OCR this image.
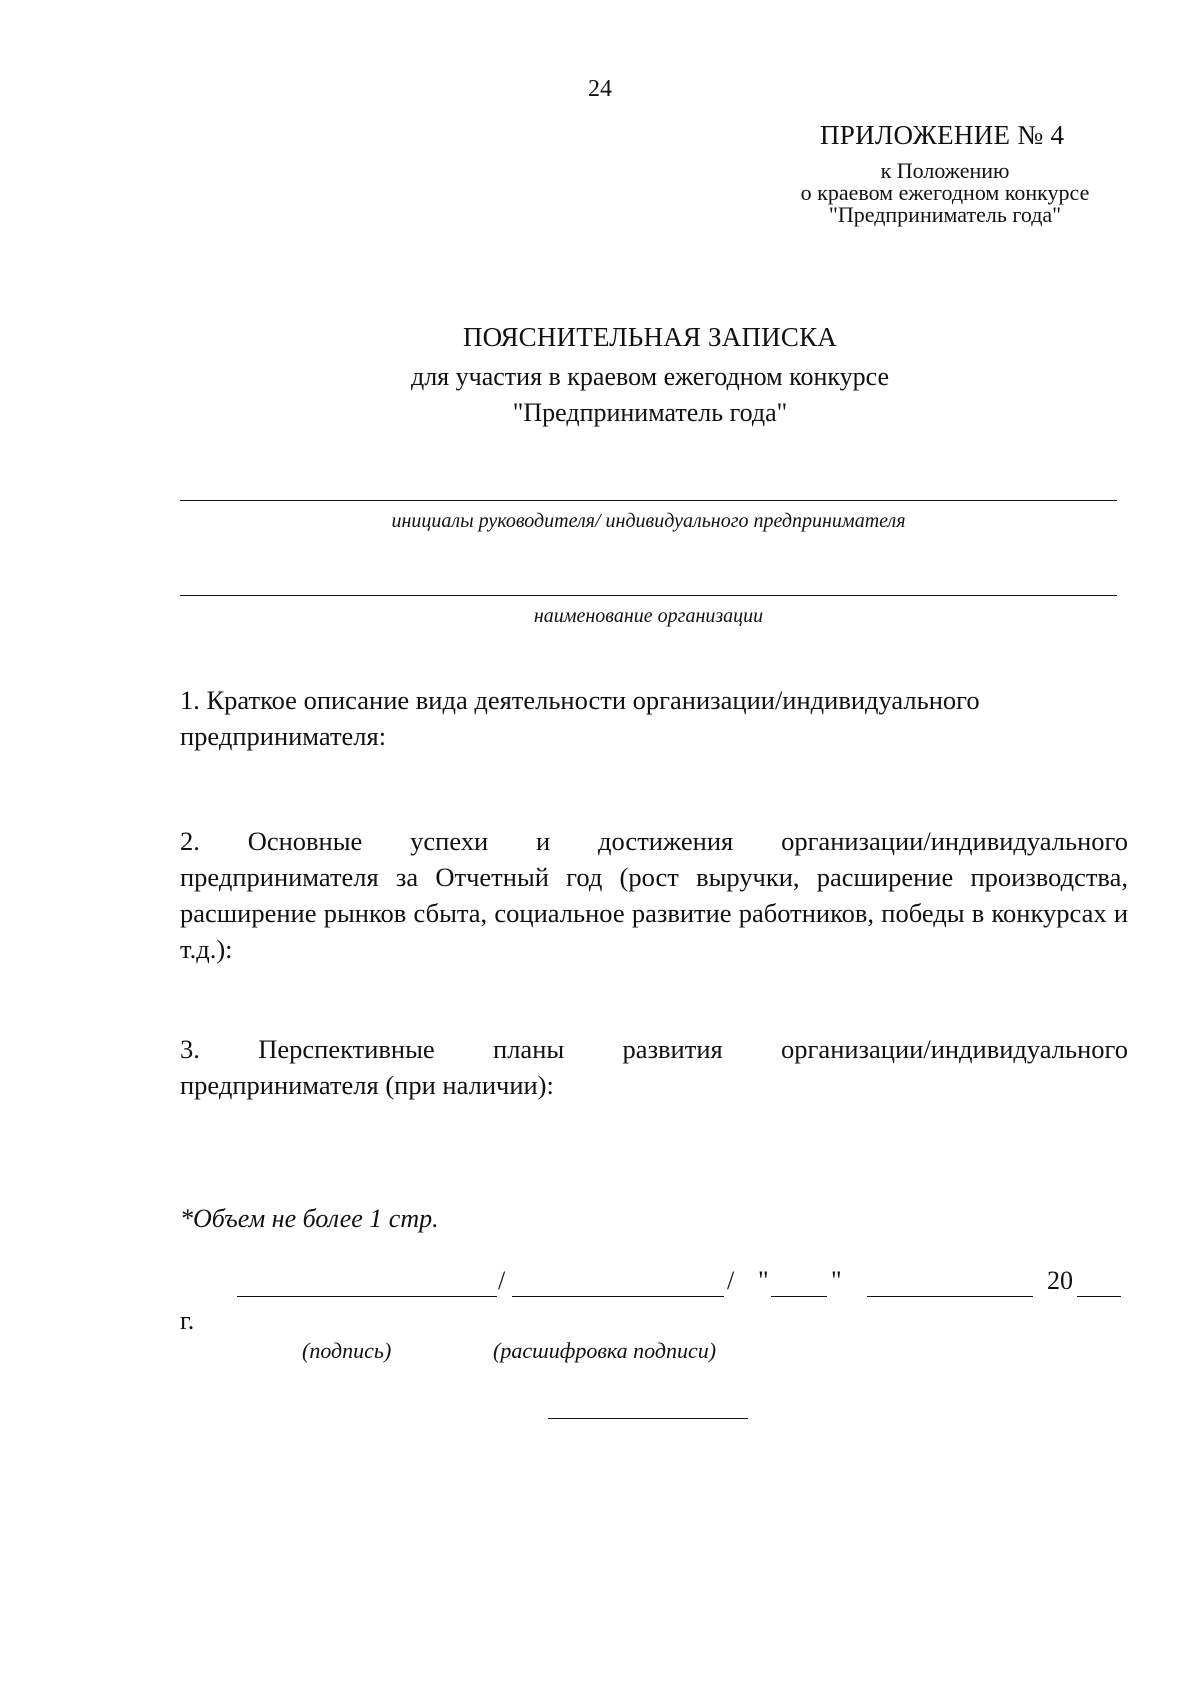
24
ПРИЛОЖЕНИЕ № 4
к Положению
о краевом ежегодном конкурсе
"Предприниматель года"
ПОЯСНИТЕЛЬНАЯ ЗАПИСКА
для участия в краевом ежегодном конкурсе
"Предприниматель года"
инициалы руководителя/ индивидуального предпринимателя
наименование организации
1. Краткое описание вида деятельности организации/индивидуального
предпринимателя:
2. Основные успехи и достижения организации/индивидуального
предпринимателя за Отчетный год (рост выручки, расширение производства, расширение рынков сбыта, социальное развитие работников, победы в конкурсах и т.д.):
3. Перспективные планы развития организации/индивидуального
предпринимателя (при наличии):
*Объем не более 1 стр.
/	/ " "	20
г.
(подпись)	(расшифровка подписи)
